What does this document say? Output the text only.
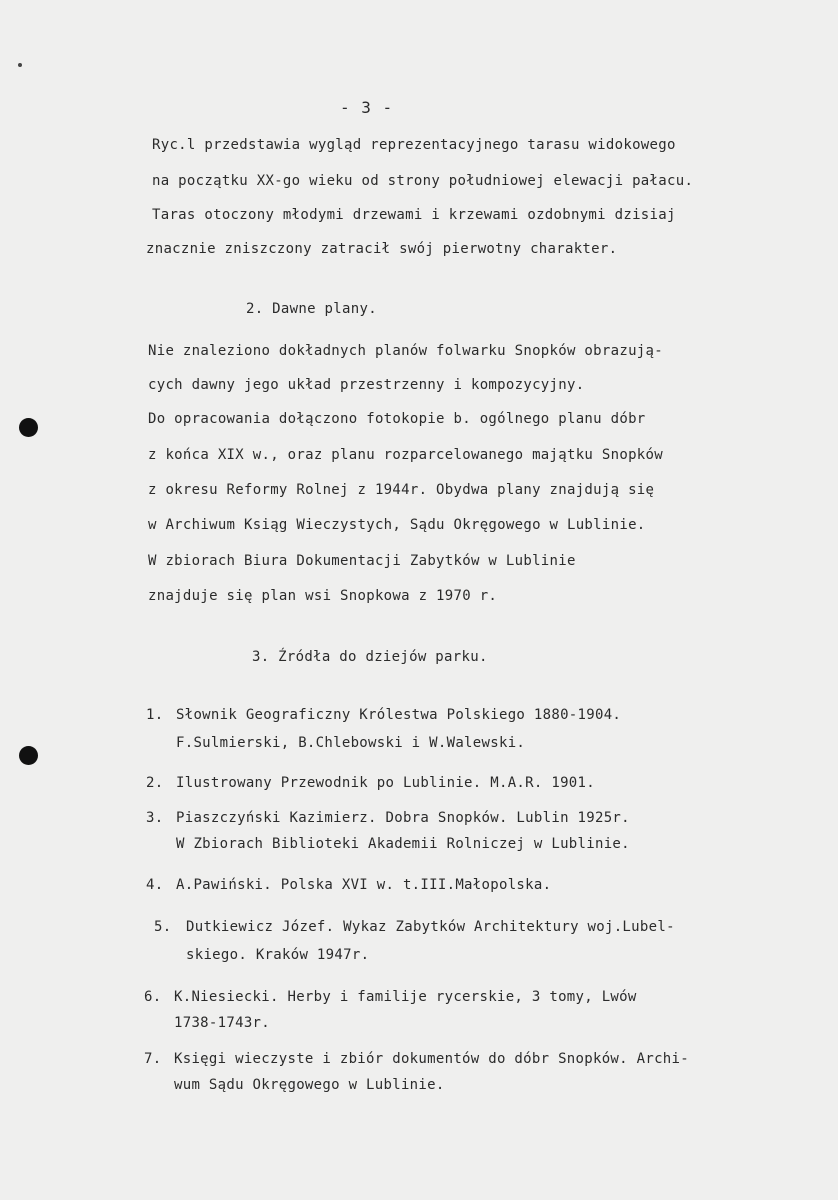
- 3 -
Ryc.l przedstawia wygląd reprezentacyjnego tarasu widokowego
na początku XX-go wieku od strony południowej elewacji pałacu.
Taras otoczony młodymi drzewami i krzewami ozdobnymi dzisiaj
znacznie zniszczony zatracił swój pierwotny charakter.
2. Dawne plany.
Nie znaleziono dokładnych planów folwarku Snopków obrazują-
cych dawny jego układ przestrzenny i kompozycyjny.
Do opracowania dołączono fotokopie b. ogólnego planu dóbr
z końca XIX w., oraz planu rozparcelowanego majątku Snopków
z okresu Reformy Rolnej z 1944r. Obydwa plany znajdują się
w Archiwum Ksiąg Wieczystych, Sądu Okręgowego w Lublinie.
W zbiorach Biura Dokumentacji Zabytków w Lublinie
znajduje się plan wsi Snopkowa z 1970 r.
3. Źródła do dziejów parku.
1. Słownik Geograficzny Królestwa Polskiego 1880-1904.
F.Sulmierski, B.Chlebowski i W.Walewski.
2. Ilustrowany Przewodnik po Lublinie. M.A.R. 1901.
3. Piaszczyński Kazimierz. Dobra Snopków. Lublin 1925r.
W Zbiorach Biblioteki Akademii Rolniczej w Lublinie.
4. A.Pawiński. Polska XVI w. t.III.Małopolska.
5. Dutkiewicz Józef. Wykaz Zabytków Architektury woj.Lubel-
skiego. Kraków 1947r.
6. K.Niesiecki. Herby i familije rycerskie, 3 tomy, Lwów
1738-1743r.
7. Księgi wieczyste i zbiór dokumentów do dóbr Snopków. Archi-
wum Sądu Okręgowego w Lublinie.
